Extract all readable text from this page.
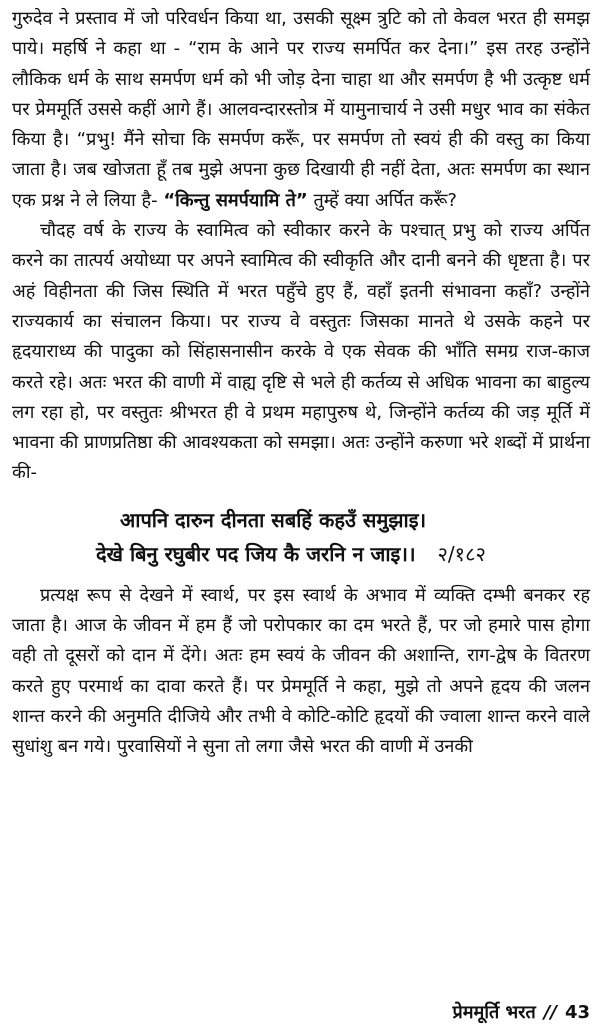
गुरुदेव ने प्रस्ताव में जो परिवर्धन किया था, उसकी सूक्ष्म त्रुटि को तो केवल भरत ही समझ पाये। महर्षि ने कहा था - “राम के आने पर राज्य समर्पित कर देना।” इस तरह उन्होंने लौकिक धर्म के साथ समर्पण धर्म को भी जोड़ देना चाहा था और समर्पण है भी उत्कृष्ट धर्म पर प्रेममूर्ति उससे कहीं आगे हैं। आलवन्दारस्तोत्र में यामुनाचार्य ने उसी मधुर भाव का संकेत किया है। “प्रभु! मैंने सोचा कि समर्पण करूँ, पर समर्पण तो स्वयं ही की वस्तु का किया जाता है। जब खोजता हूँ तब मुझे अपना कुछ दिखायी ही नहीं देता, अतः समर्पण का स्थान एक प्रश्न ने ले लिया है- “किन्तु समर्पयामि ते” तुम्हें क्या अर्पित करूँ?

चौदह वर्ष के राज्य के स्वामित्व को स्वीकार करने के पश्चात् प्रभु को राज्य अर्पित करने का तात्पर्य अयोध्या पर अपने स्वामित्व की स्वीकृति और दानी बनने की धृष्टता है। पर अहं विहीनता की जिस स्थिति में भरत पहुँचे हुए हैं, वहाँ इतनी संभावना कहाँ? उन्होंने राज्यकार्य का संचालन किया। पर राज्य वे वस्तुतः जिसका मानते थे उसके कहने पर हृदयाराध्य की पादुका को सिंहासनासीन करके वे एक सेवक की भाँति समग्र राज-काज करते रहे। अतः भरत की वाणी में वाह्य दृष्टि से भले ही कर्तव्य से अधिक भावना का बाहुल्य लग रहा हो, पर वस्तुतः श्रीभरत ही वे प्रथम महापुरुष थे, जिन्होंने कर्तव्य की जड़ मूर्ति में भावना की प्राणप्रतिष्ठा की आवश्यकता को समझा। अतः उन्होंने करुणा भरे शब्दों में प्रार्थना की-

आपनि दारुन दीनता सबहिं कहउँ समुझाइ।
देखे बिनु रघुबीर पद जिय कै जरनि न जाइ।। २/१८२

प्रत्यक्ष रूप से देखने में स्वार्थ, पर इस स्वार्थ के अभाव में व्यक्ति दम्भी बनकर रह जाता है। आज के जीवन में हम हैं जो परोपकार का दम भरते हैं, पर जो हमारे पास होगा वही तो दूसरों को दान में देंगे। अतः हम स्वयं के जीवन की अशान्ति, राग-द्वेष के वितरण करते हुए परमार्थ का दावा करते हैं। पर प्रेममूर्ति ने कहा, मुझे तो अपने हृदय की जलन शान्त करने की अनुमति दीजिये और तभी वे कोटि-कोटि हृदयों की ज्वाला शान्त करने वाले सुधांशु बन गये। पुरवासियों ने सुना तो लगा जैसे भरत की वाणी में उनकी

प्रेममूर्ति भरत // 43
